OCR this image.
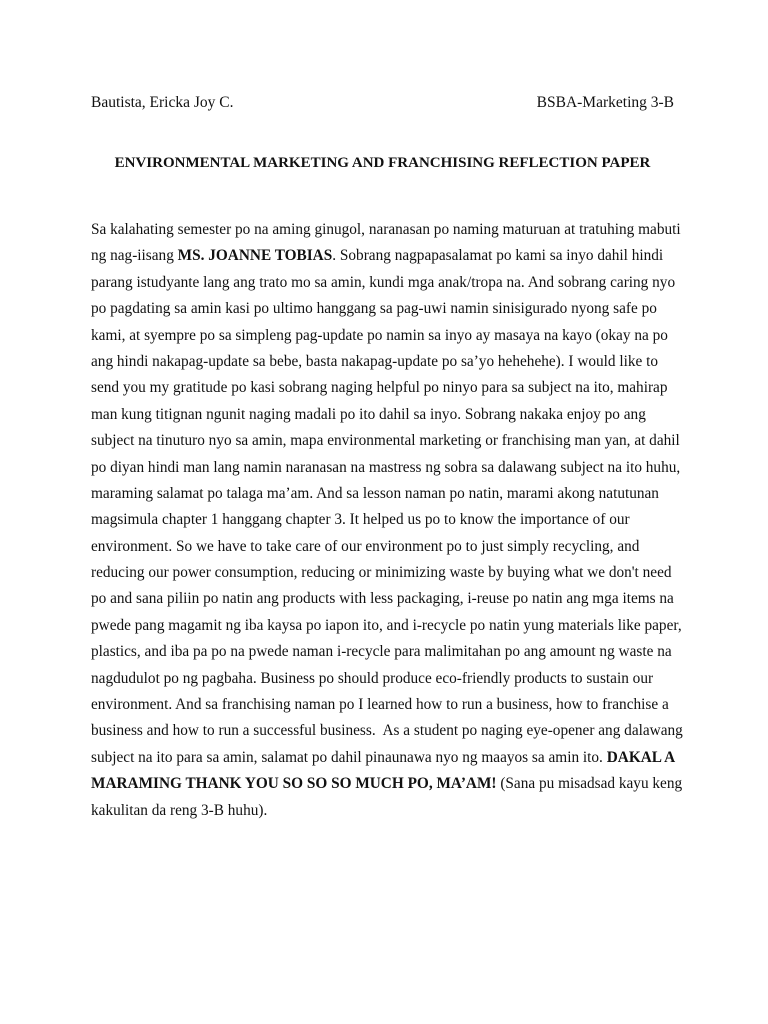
Bautista, Ericka Joy C.	BSBA-Marketing 3-B
ENVIRONMENTAL MARKETING AND FRANCHISING REFLECTION PAPER
Sa kalahating semester po na aming ginugol, naranasan po naming maturuan at tratuhing mabuti
ng nag-iisang MS. JOANNE TOBIAS. Sobrang nagpapasalamat po kami sa inyo dahil hindi
parang istudyante lang ang trato mo sa amin, kundi mga anak/tropa na. And sobrang caring nyo
po pagdating sa amin kasi po ultimo hanggang sa pag-uwi namin sinisigurado nyong safe po
kami, at syempre po sa simpleng pag-update po namin sa inyo ay masaya na kayo (okay na po
ang hindi nakapag-update sa bebe, basta nakapag-update po sa’yo hehehehe). I would like to
send you my gratitude po kasi sobrang naging helpful po ninyo para sa subject na ito, mahirap
man kung titignan ngunit naging madali po ito dahil sa inyo. Sobrang nakaka enjoy po ang
subject na tinuturo nyo sa amin, mapa environmental marketing or franchising man yan, at dahil
po diyan hindi man lang namin naranasan na mastress ng sobra sa dalawang subject na ito huhu,
maraming salamat po talaga ma’am. And sa lesson naman po natin, marami akong natutunan
magsimula chapter 1 hanggang chapter 3. It helped us po to know the importance of our
environment. So we have to take care of our environment po to just simply recycling, and
reducing our power consumption, reducing or minimizing waste by buying what we don't need
po and sana piliin po natin ang products with less packaging, i-reuse po natin ang mga items na
pwede pang magamit ng iba kaysa po iapon ito, and i-recycle po natin yung materials like paper,
plastics, and iba pa po na pwede naman i-recycle para malimitahan po ang amount ng waste na
nagdudulot po ng pagbaha. Business po should produce eco-friendly products to sustain our
environment. And sa franchising naman po I learned how to run a business, how to franchise a
business and how to run a successful business.  As a student po naging eye-opener ang dalawang
subject na ito para sa amin, salamat po dahil pinaunawa nyo ng maayos sa amin ito. DAKAL A
MARAMING THANK YOU SO SO SO MUCH PO, MA’AM! (Sana pu misadsad kayu keng
kakulitan da reng 3-B huhu).
